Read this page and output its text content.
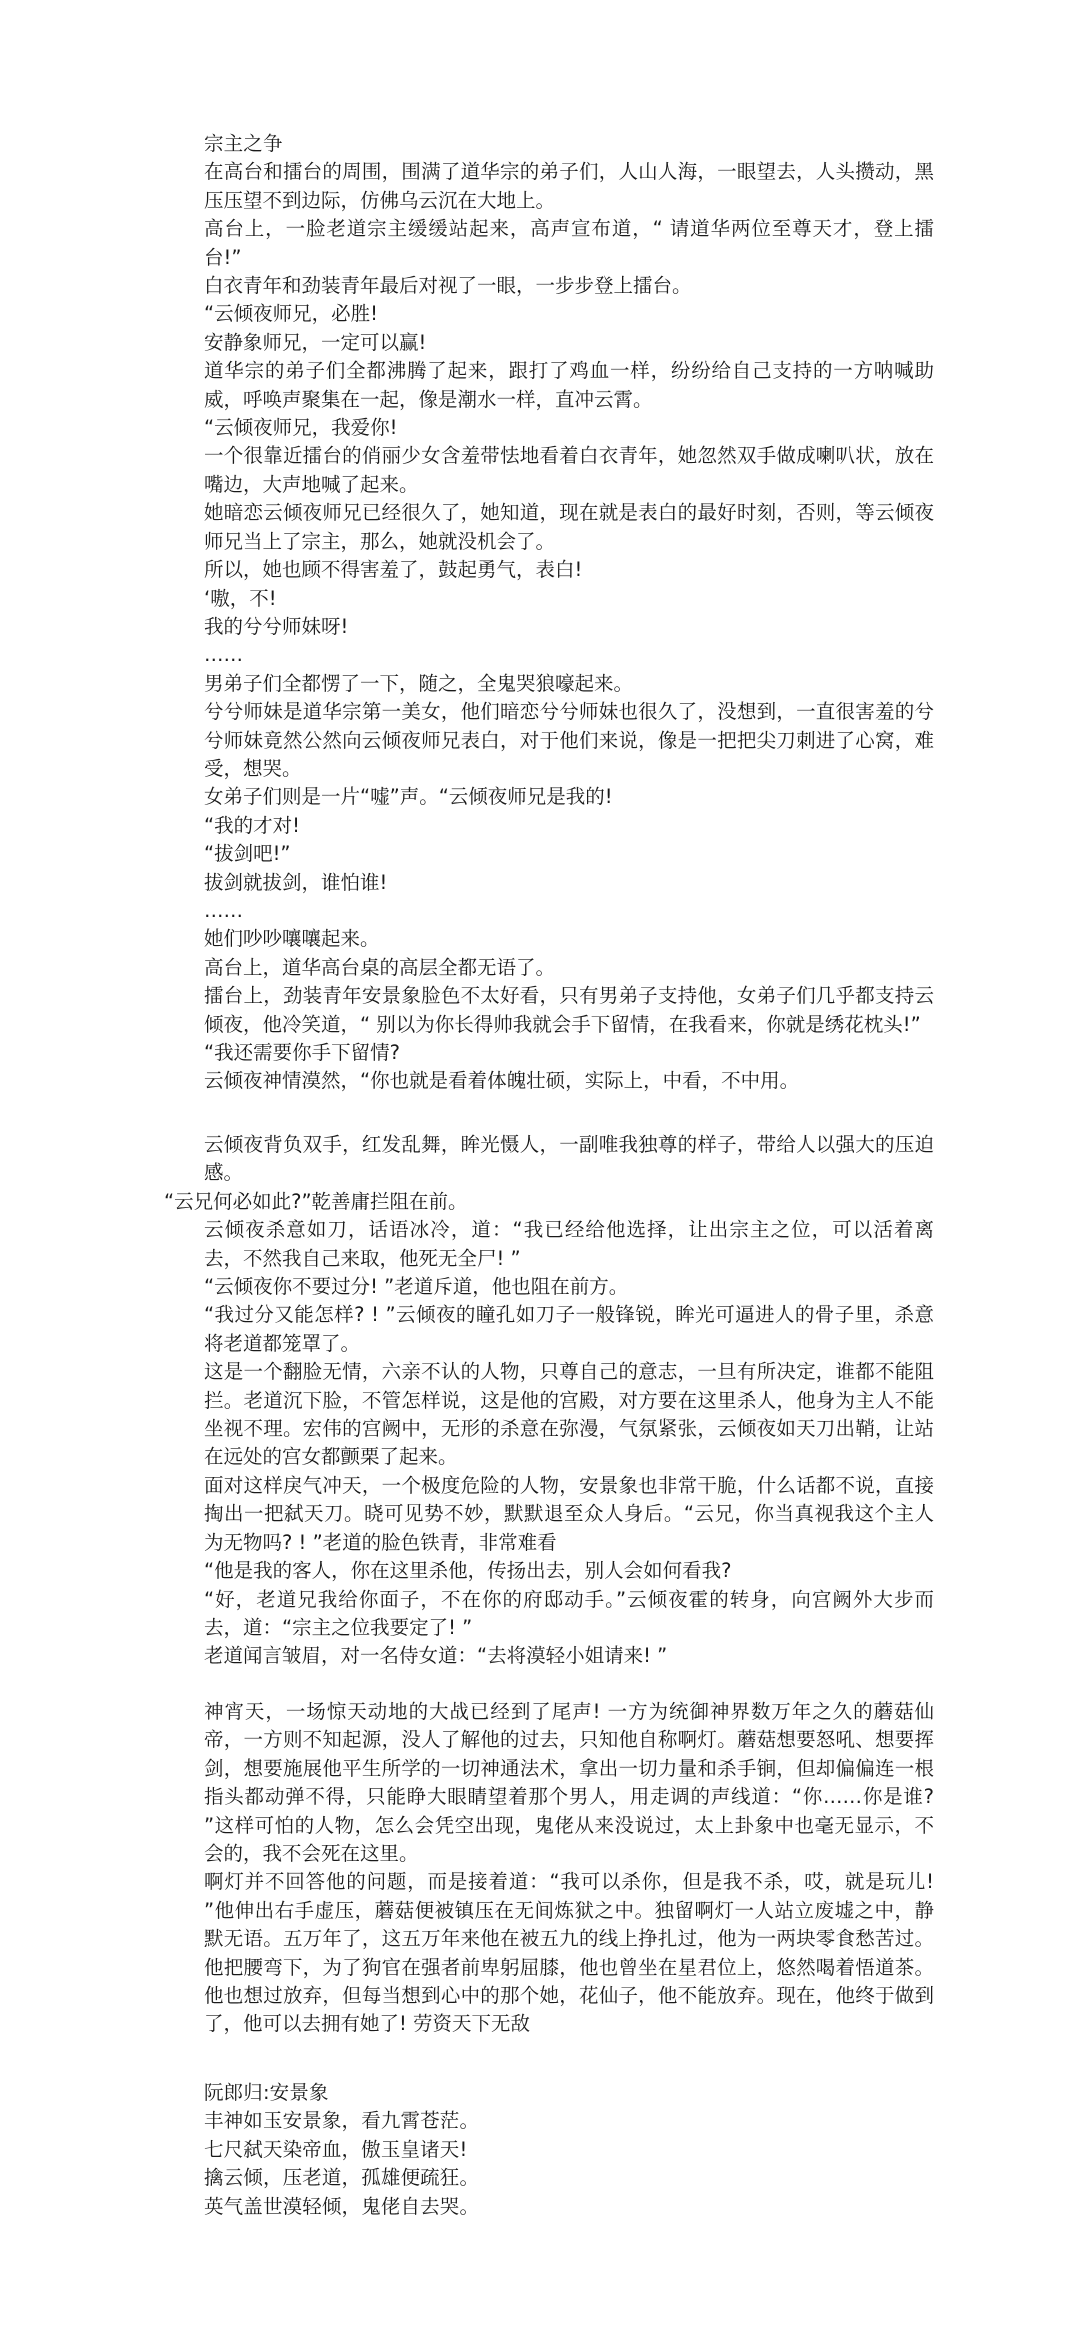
宗主之争

在高台和擂台的周围，围满了道华宗的弟子们，人山人海，一眼望去，人头攒动，黑压压望不到边际，仿佛乌云沉在大地上。

高台上，一脸老道宗主缓缓站起来，高声宣布道，“ 请道华两位至尊天才，登上擂台!”

白衣青年和劲装青年最后对视了一眼，一步步登上擂台。

“云倾夜师兄，必胜!

安静象师兄，一定可以赢!

道华宗的弟子们全都沸腾了起来，跟打了鸡血一样，纷纷给自己支持的一方呐喊助威，呼唤声聚集在一起，像是潮水一样，直冲云霄。

“云倾夜师兄，我爱你!

一个很靠近擂台的俏丽少女含羞带怯地看着白衣青年，她忽然双手做成喇叭状，放在嘴边，大声地喊了起来。

她暗恋云倾夜师兄已经很久了，她知道，现在就是表白的最好时刻，否则，等云倾夜师兄当上了宗主，那么，她就没机会了。

所以，她也顾不得害羞了，鼓起勇气，表白!

‘嗷，不!

我的兮兮师妹呀!

……

男弟子们全都愣了一下，随之，全鬼哭狼嚎起来。

兮兮师妹是道华宗第一美女，他们暗恋兮兮师妹也很久了，没想到，一直很害羞的兮兮师妹竟然公然向云倾夜师兄表白，对于他们来说，像是一把把尖刀刺进了心窝，难受，想哭。

女弟子们则是一片“嘘”声。“云倾夜师兄是我的!

“我的才对!

“拔剑吧!”

拔剑就拔剑，谁怕谁!

……

她们吵吵嚷嚷起来。

高台上，道华高台桌的高层全都无语了。

擂台上，劲装青年安景象脸色不太好看，只有男弟子支持他，女弟子们几乎都支持云倾夜，他冷笑道，“ 别以为你长得帅我就会手下留情，在我看来，你就是绣花枕头!”

“我还需要你手下留情?

云倾夜神情漠然，“你也就是看着体魄壮硕，实际上，中看，不中用。

云倾夜背负双手，红发乱舞，眸光慑人，一副唯我独尊的样子，带给人以强大的压迫感。

“云兄何必如此?”乾善庸拦阻在前。

云倾夜杀意如刀，话语冰冷，道：“我已经给他选择，让出宗主之位，可以活着离去，不然我自己来取，他死无全尸! ”

“云倾夜你不要过分! ”老道斥道，他也阻在前方。

“我过分又能怎样? ! ”云倾夜的瞳孔如刀子一般锋锐，眸光可逼进人的骨子里，杀意将老道都笼罩了。

这是一个翻脸无情，六亲不认的人物，只尊自己的意志，一旦有所决定，谁都不能阻拦。老道沉下脸，不管怎样说，这是他的宫殿，对方要在这里杀人，他身为主人不能坐视不理。宏伟的宫阙中，无形的杀意在弥漫，气氛紧张，云倾夜如天刀出鞘，让站在远处的宫女都颤栗了起来。

面对这样戾气冲天，一个极度危险的人物，安景象也非常干脆，什么话都不说，直接掏出一把弑天刀。晓可见势不妙，默默退至众人身后。“云兄，你当真视我这个主人为无物吗? ! ”老道的脸色铁青，非常难看

“他是我的客人，你在这里杀他，传扬出去，别人会如何看我?

“好，老道兄我给你面子，不在你的府邸动手。”云倾夜霍的转身，向宫阙外大步而去，道：“宗主之位我要定了! ”

老道闻言皱眉，对一名侍女道：“去将漠轻小姐请来! ”

神宵天，一场惊天动地的大战已经到了尾声! 一方为统御神界数万年之久的蘑菇仙帝，一方则不知起源，没人了解他的过去，只知他自称啊灯。蘑菇想要怒吼、想要挥剑，想要施展他平生所学的一切神通法术，拿出一切力量和杀手锏，但却偏偏连一根指头都动弹不得，只能睁大眼睛望着那个男人，用走调的声线道：“你……你是谁? ”这样可怕的人物，怎么会凭空出现，鬼佬从来没说过，太上卦象中也毫无显示，不会的，我不会死在这里。

啊灯并不回答他的问题，而是接着道：“我可以杀你，但是我不杀，哎，就是玩儿! ”他伸出右手虚压，蘑菇便被镇压在无间炼狱之中。独留啊灯一人站立废墟之中，静默无语。五万年了，这五万年来他在被五九的线上挣扎过，他为一两块零食愁苦过。他把腰弯下，为了狗官在强者前卑躬屈膝，他也曾坐在星君位上，悠然喝着悟道茶。他也想过放弃，但每当想到心中的那个她，花仙子，他不能放弃。现在，他终于做到了，他可以去拥有她了! 劳资天下无敌

阮郎归:安景象
丰神如玉安景象，看九霄苍茫。
七尺弑天染帝血，傲玉皇诸天!
擒云倾，压老道，孤雄便疏狂。
英气盖世漠轻倾，鬼佬自去哭。
